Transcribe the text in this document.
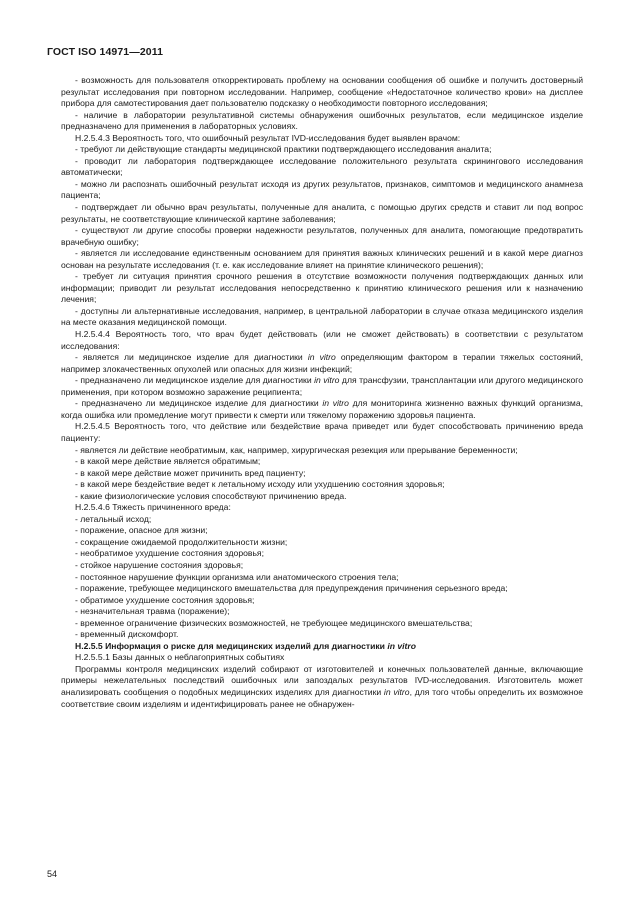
ГОСТ ISO 14971—2011

- возможность для пользователя откорректировать проблему на основании сообщения об ошибке и получить достоверный результат исследования при повторном исследовании. Например, сообщение «Недостаточное количество крови» на дисплее прибора для самотестирования дает пользователю подсказку о необходимости повторного исследования;

- наличие в лаборатории результативной системы обнаружения ошибочных результатов, если медицинское изделие предназначено для применения в лабораторных условиях.

Н.2.5.4.3 Вероятность того, что ошибочный результат IVD-исследования будет выявлен врачом:

- требуют ли действующие стандарты медицинской практики подтверждающего исследования аналита;

- проводит ли лаборатория подтверждающее исследование положительного результата скринингового исследования автоматически;

- можно ли распознать ошибочный результат исходя из других результатов, признаков, симптомов и медицинского анамнеза пациента;

- подтверждает ли обычно врач результаты, полученные для аналита, с помощью других средств и ставит ли под вопрос результаты, не соответствующие клинической картине заболевания;

- существуют ли другие способы проверки надежности результатов, полученных для аналита, помогающие предотвратить врачебную ошибку;

- является ли исследование единственным основанием для принятия важных клинических решений и в какой мере диагноз основан на результате исследования (т. е. как исследование влияет на принятие клинического решения);

- требует ли ситуация принятия срочного решения в отсутствие возможности получения подтверждающих данных или информации; приводит ли результат исследования непосредственно к принятию клинического решения или к назначению лечения;

- доступны ли альтернативные исследования, например, в центральной лаборатории в случае отказа медицинского изделия на месте оказания медицинской помощи.

Н.2.5.4.4 Вероятность того, что врач будет действовать (или не сможет действовать) в соответствии с результатом исследования:

- является ли медицинское изделие для диагностики in vitro определяющим фактором в терапии тяжелых состояний, например злокачественных опухолей или опасных для жизни инфекций;

- предназначено ли медицинское изделие для диагностики in vitro для трансфузии, трансплантации или другого медицинского применения, при котором возможно заражение реципиента;

- предназначено ли медицинское изделие для диагностики in vitro для мониторинга жизненно важных функций организма, когда ошибка или промедление могут привести к смерти или тяжелому поражению здоровья пациента.

Н.2.5.4.5 Вероятность того, что действие или бездействие врача приведет или будет способствовать причинению вреда пациенту:

- является ли действие необратимым, как, например, хирургическая резекция или прерывание беременности;

- в какой мере действие является обратимым;

- в какой мере действие может причинить вред пациенту;

- в какой мере бездействие ведет к летальному исходу или ухудшению состояния здоровья;

- какие физиологические условия способствуют причинению вреда.

Н.2.5.4.6 Тяжесть причиненного вреда:

- летальный исход;

- поражение, опасное для жизни;

- сокращение ожидаемой продолжительности жизни;

- необратимое ухудшение состояния здоровья;

- стойкое нарушение состояния здоровья;

- постоянное нарушение функции организма или анатомического строения тела;

- поражение, требующее медицинского вмешательства для предупреждения причинения серьезного вреда;

- обратимое ухудшение состояния здоровья;

- незначительная травма (поражение);

- временное ограничение физических возможностей, не требующее медицинского вмешательства;

- временный дискомфорт.

Н.2.5.5 Информация о риске для медицинских изделий для диагностики in vitro

Н.2.5.5.1 Базы данных о неблагоприятных событиях

Программы контроля медицинских изделий собирают от изготовителей и конечных пользователей данные, включающие примеры нежелательных последствий ошибочных или запоздалых результатов IVD-исследования. Изготовитель может анализировать сообщения о подобных медицинских изделиях для диагностики in vitro, для того чтобы определить их возможное соответствие своим изделиям и идентифицировать ранее не обнаружен-

54
